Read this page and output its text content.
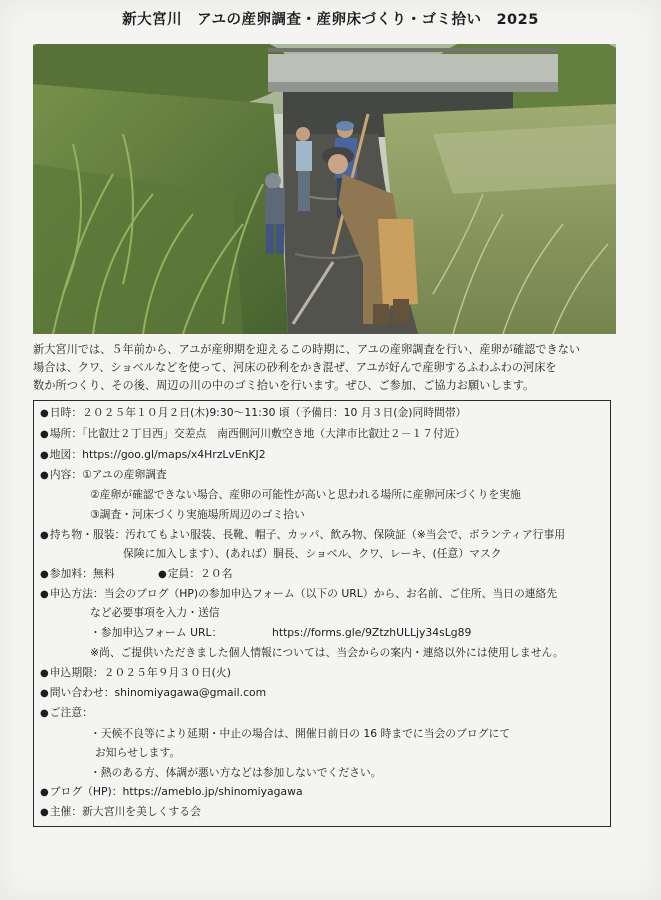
新大宮川　アユの産卵調査・産卵床づくり・ゴミ拾い　2025
新大宮川では、５年前から、アユが産卵期を迎えるこの時期に、アユの産卵調査を行い、産卵が確認できない
場合は、クワ、ショベルなどを使って、河床の砂利をかき混ぜ、アユが好んで産卵するふわふわの河床を
数か所つくり、その後、周辺の川の中のゴミ拾いを行います。ぜひ、ご参加、ご協力お願いします。
● 日時：２０２５年１０月２日(木)9:30～11:30 頃（予備日：10 月３日(金)同時間帯）
● 場所：「比叡辻２丁目西」交差点　南西側河川敷空き地（大津市比叡辻２－１７付近）
● 地図：https://goo.gl/maps/x4HrzLvEnKJ2
● 内容：①アユの産卵調査
②産卵が確認できない場合、産卵の可能性が高いと思われる場所に産卵河床づくりを実施
③調査・河床づくり実施場所周辺のゴミ拾い
● 持ち物・服装：汚れてもよい服装、長靴、帽子、カッパ、飲み物、保険証（※当会で、ボランティア行事用
保険に加入します）、(あれば）胴長、ショベル、クワ、レーキ、(任意）マスク
● 参加料：無料
●	定員：２０名
● 申込方法：当会のブログ（HP)の参加申込フォーム（以下の URL）から、お名前、ご住所、当日の連絡先
など必要事項を入力・送信
・参加申込フォーム URL：	https://forms.gle/9ZtzhULLjy34sLg89
※尚、ご提供いただきました個人情報については、当会からの案内・連絡以外には使用しません。
● 申込期限：２０２５年９月３０日(火)
● 問い合わせ：shinomiyagawa@gmail.com
● ご注意：
・天候不良等により延期・中止の場合は、開催日前日の 16 時までに当会のブログにて
お知らせします。
・熱のある方、体調が悪い方などは参加しないでください。
● ブログ（HP)：https://ameblo.jp/shinomiyagawa
● 主催：新大宮川を美しくする会
